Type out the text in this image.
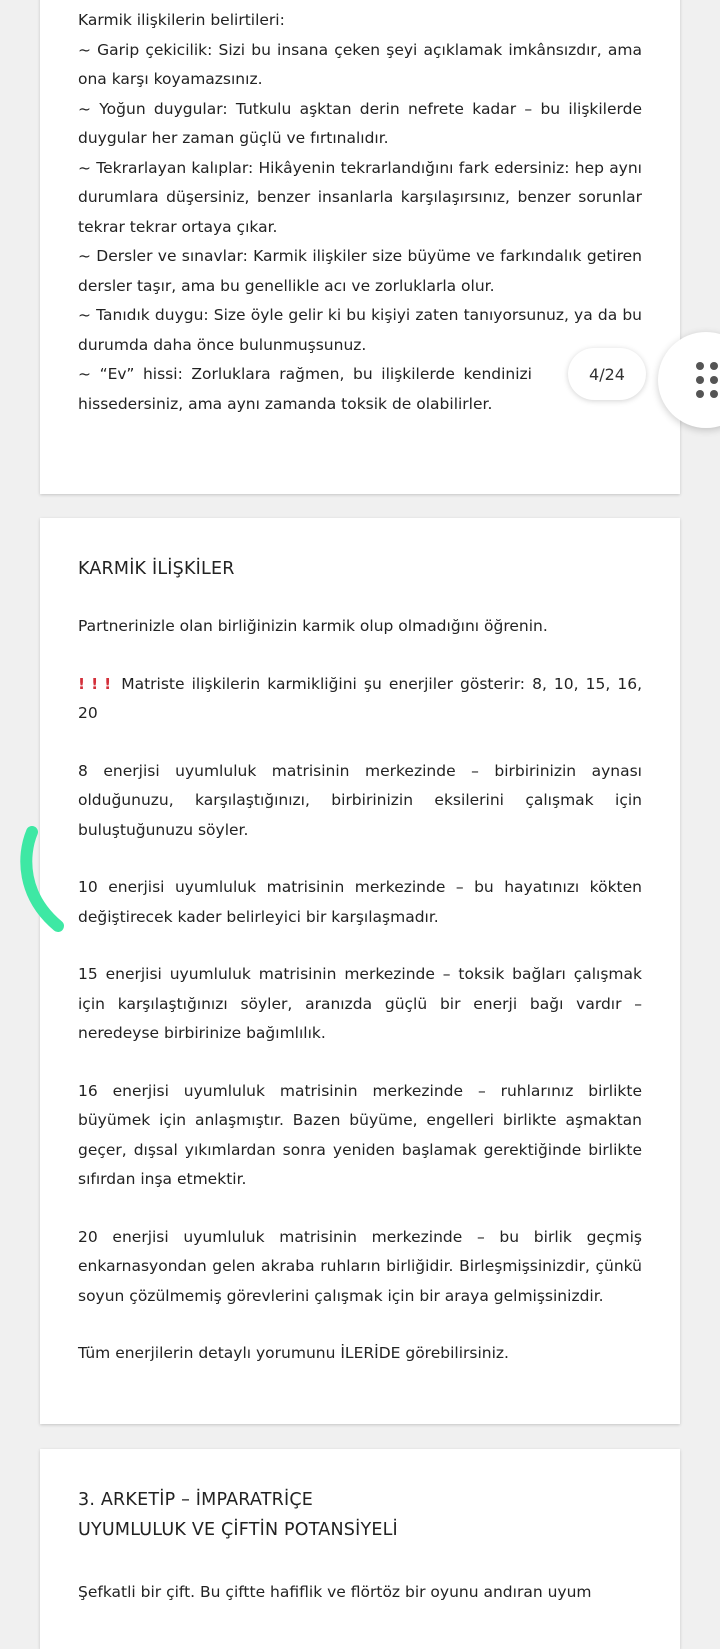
Karmik ilişkilerin belirtileri:

~ Garip çekicilik: Sizi bu insana çeken şeyi açıklamak imkânsızdır, ama ona karşı koyamazsınız.

~ Yoğun duygular: Tutkulu aşktan derin nefrete kadar – bu ilişkilerde duygular her zaman güçlü ve fırtınalıdır.

~ Tekrarlayan kalıplar: Hikâyenin tekrarlandığını fark edersiniz: hep aynı durumlara düşersiniz, benzer insanlarla karşılaşırsınız, benzer sorunlar tekrar tekrar ortaya çıkar.

~ Dersler ve sınavlar: Karmik ilişkiler size büyüme ve farkındalık getiren dersler taşır, ama bu genellikle acı ve zorluklarla olur.

~ Tanıdık duygu: Size öyle gelir ki bu kişiyi zaten tanıyorsunuz, ya da bu durumda daha önce bulunmuşsunuz.

~ “Ev” hissi: Zorluklara rağmen, bu ilişkilerde kendinizi hissedersiniz, ama aynı zamanda toksik de olabilirler.

KARMİK İLİŞKİLER

Partnerinizle olan birliğinizin karmik olup olmadığını öğrenin.

!!! Matriste ilişkilerin karmikliğini şu enerjiler gösterir: 8, 10, 15, 16, 20

8 enerjisi uyumluluk matrisinin merkezinde – birbirinizin aynası olduğunuzu, karşılaştığınızı, birbirinizin eksilerini çalışmak için buluştuğunuzu söyler.

10 enerjisi uyumluluk matrisinin merkezinde – bu hayatınızı kökten değiştirecek kader belirleyici bir karşılaşmadır.

15 enerjisi uyumluluk matrisinin merkezinde – toksik bağları çalışmak için karşılaştığınızı söyler, aranızda güçlü bir enerji bağı vardır – neredeyse birbirinize bağımlılık.

16 enerjisi uyumluluk matrisinin merkezinde – ruhlarınız birlikte büyümek için anlaşmıştır. Bazen büyüme, engelleri birlikte aşmaktan geçer, dışsal yıkımlardan sonra yeniden başlamak gerektiğinde birlikte sıfırdan inşa etmektir.

20 enerjisi uyumluluk matrisinin merkezinde – bu birlik geçmiş enkarnasyondan gelen akraba ruhların birliğidir. Birleşmişsinizdir, çünkü soyun çözülmemiş görevlerini çalışmak için bir araya gelmişsinizdir.

Tüm enerjilerin detaylı yorumunu İLERİDE görebilirsiniz.

3. ARKETİP – İMPARATRİÇE
UYUMLULUK VE ÇİFTİN POTANSİYELİ
Şefkatli bir çift. Bu çiftte hafiflik ve flörtöz bir oyunu andıran uyum
4/24
